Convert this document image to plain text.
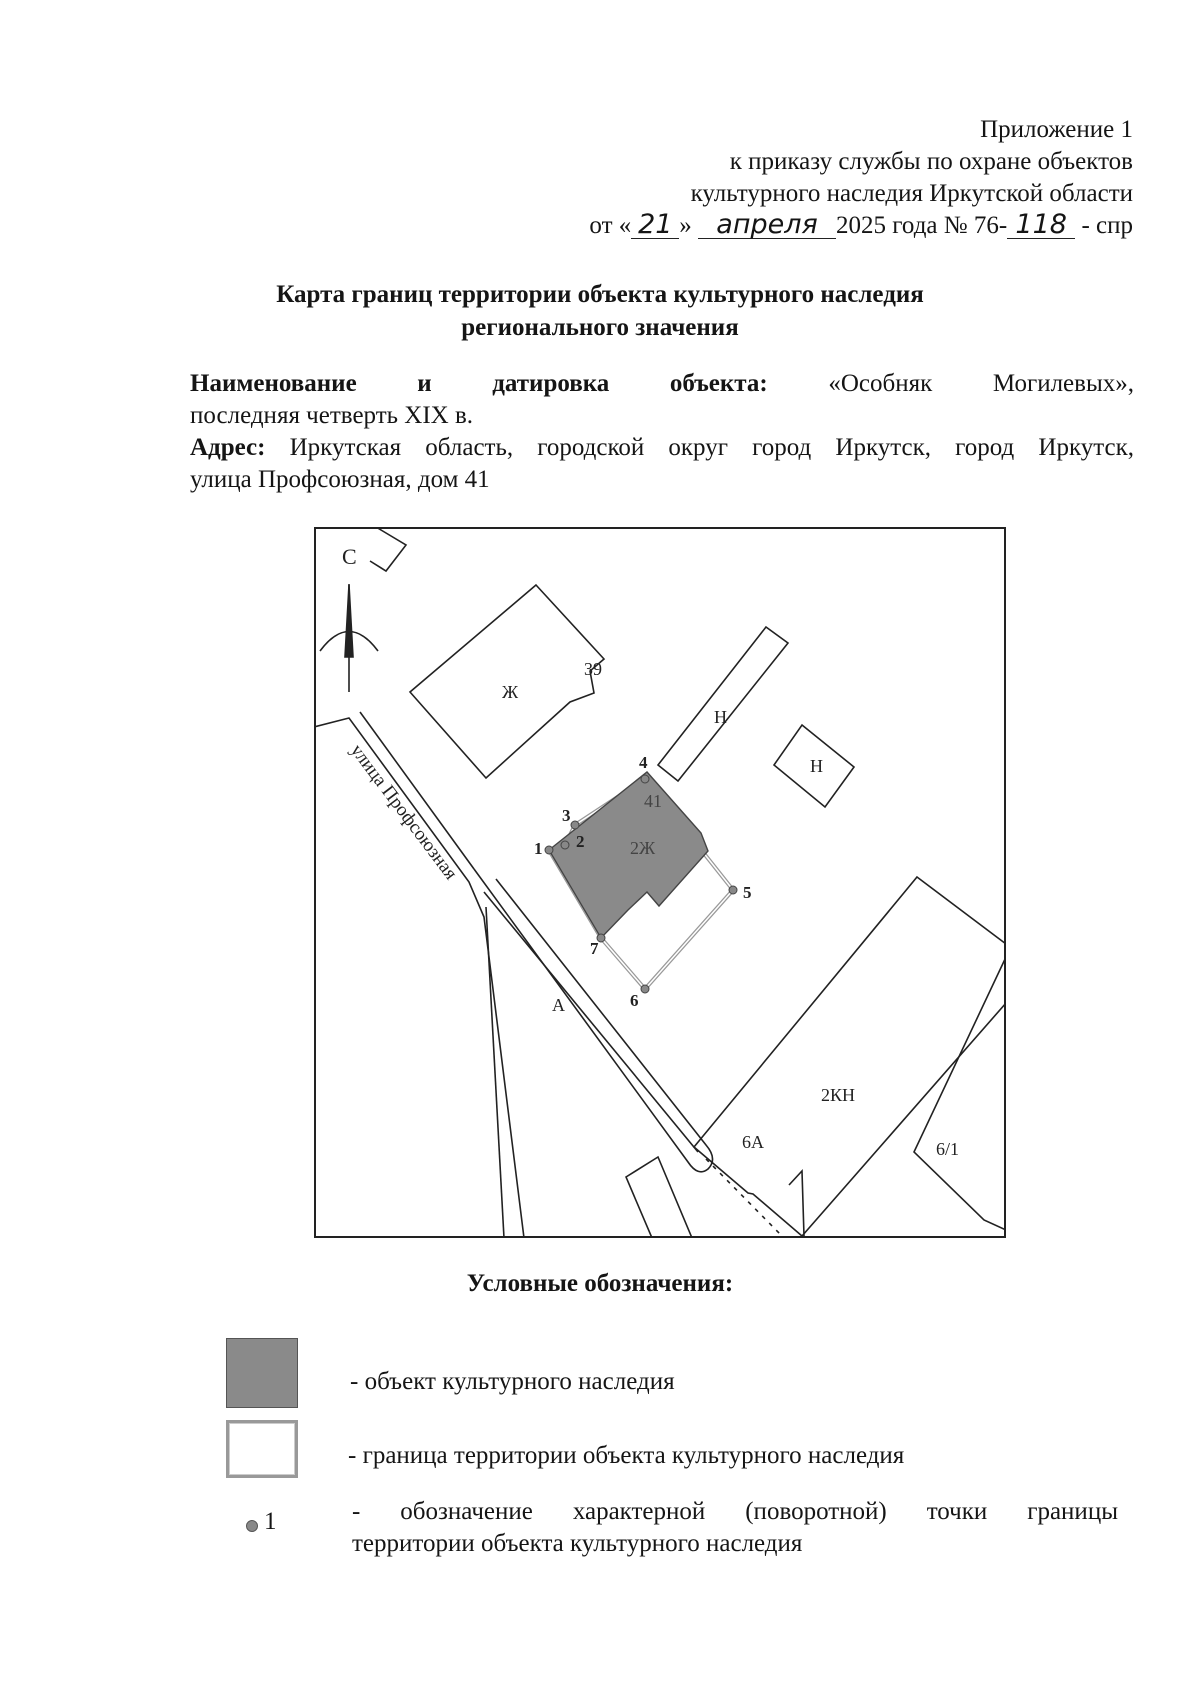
Приложение 1
к приказу службы по охране объектов
культурного наследия Иркутской области
от « 21 » апреля 2025 года № 76- 118 - спр
Карта границ территории объекта культурного наследия
регионального значения
Наименование и датировка объекта: «Особняк Могилевых»,
последняя четверть XIX в.
Адрес: Иркутская область, городской округ город Иркутск, город Иркутск,
улица Профсоюзная, дом 41
С
улица Профсоюзная
Ж
39
Н
Н
41
2Ж
А
2КН
6А	6/1
1 2
3
4
5
6
7
Условные обозначения:
- объект культурного наследия
- граница территории объекта культурного наследия
1	- обозначение характерной (поворотной) точки границы
территории объекта культурного наследия
